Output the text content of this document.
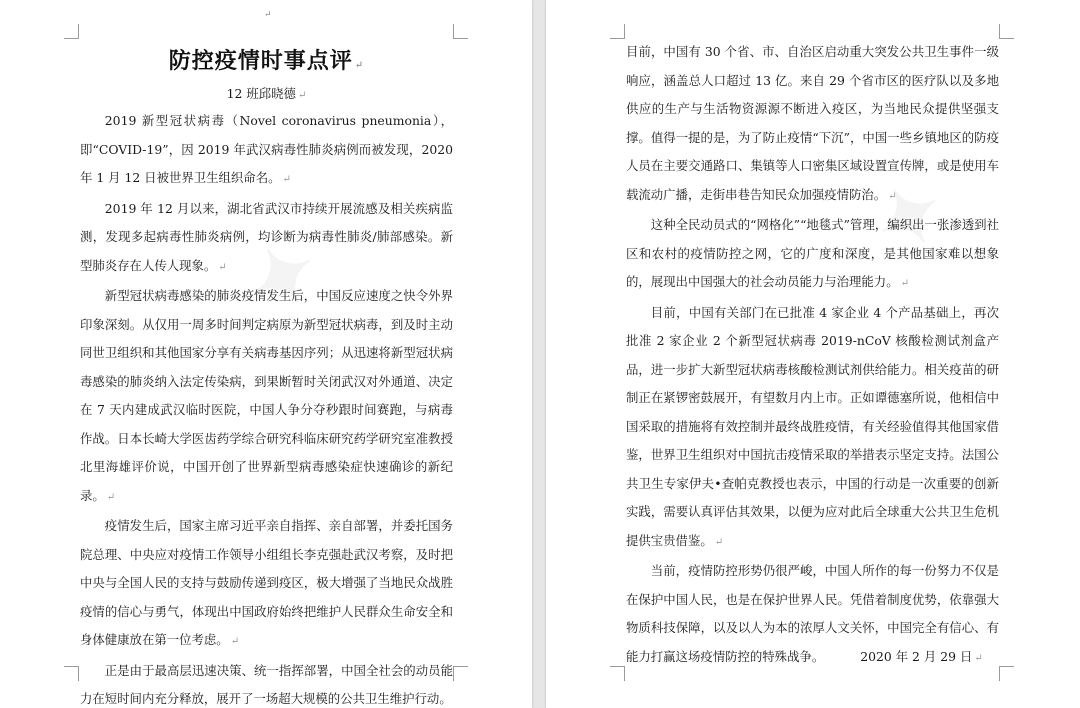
↵
防控疫情时事点评 ↵
12 班邱晓德 ↵

2019 新型冠状病毒（Novel coronavirus pneumonia），即“COVID-19”，因 2019 年武汉病毒性肺炎病例而被发现，2020 年 1 月 12 日被世界卫生组织命名。 ↵

2019 年 12 月以来，湖北省武汉市持续开展流感及相关疾病监测，发现多起病毒性肺炎病例，均诊断为病毒性肺炎/肺部感染。新型肺炎存在人传人现象。 ↵

新型冠状病毒感染的肺炎疫情发生后，中国反应速度之快令外界印象深刻。从仅用一周多时间判定病原为新型冠状病毒，到及时主动同世卫组织和其他国家分享有关病毒基因序列；从迅速将新型冠状病毒感染的肺炎纳入法定传染病，到果断暂时关闭武汉对外通道、决定在 7 天内建成武汉临时医院，中国人争分夺秒跟时间赛跑，与病毒作战。日本长崎大学医齿药学综合研究科临床研究药学研究室准教授北里海雄评价说，中国开创了世界新型病毒感染症快速确诊的新纪录。 ↵

疫情发生后，国家主席习近平亲自指挥、亲自部署，并委托国务院总理、中央应对疫情工作领导小组组长李克强赴武汉考察，及时把中央与全国人民的支持与鼓励传递到疫区，极大增强了当地民众战胜疫情的信心与勇气，体现出中国政府始终把维护人民群众生命安全和身体健康放在第一位考虑。 ↵

正是由于最高层迅速决策、统一指挥部署，中国全社会的动员能力在短时间内充分释放，展开了一场超大规模的公共卫生维护行动。

目前，中国有 30 个省、市、自治区启动重大突发公共卫生事件一级响应，涵盖总人口超过 13 亿。来自 29 个省市区的医疗队以及多地供应的生产与生活物资源源不断进入疫区，为当地民众提供坚强支撑。值得一提的是，为了防止疫情“下沉”，中国一些乡镇地区的防疫人员在主要交通路口、集镇等人口密集区域设置宣传牌，或是使用车载流动广播，走街串巷告知民众加强疫情防治。 ↵

这种全民动员式的“网格化”“地毯式”管理，编织出一张渗透到社区和农村的疫情防控之网，它的广度和深度，是其他国家难以想象的，展现出中国强大的社会动员能力与治理能力。 ↵

目前，中国有关部门在已批准 4 家企业 4 个产品基础上，再次批准 2 家企业 2 个新型冠状病毒 2019-nCoV 核酸检测试剂盒产品，进一步扩大新型冠状病毒核酸检测试剂供给能力。相关疫苗的研制正在紧锣密鼓展开，有望数月内上市。正如谭德塞所说，他相信中国采取的措施将有效控制并最终战胜疫情，有关经验值得其他国家借鉴，世界卫生组织对中国抗击疫情采取的举措表示坚定支持。法国公共卫生专家伊夫•查帕克教授也表示，中国的行动是一次重要的创新实践，需要认真评估其效果，以便为应对此后全球重大公共卫生危机提供宝贵借鉴。 ↵

当前，疫情防控形势仍很严峻，中国人所作的每一份努力不仅是在保护中国人民，也是在保护世界人民。凭借着制度优势，依靠强大物质科技保障，以及以人为本的浓厚人文关怀，中国完全有信心、有能力打赢这场疫情防控的特殊战争。	2020 年 2 月 29 日 ↵
